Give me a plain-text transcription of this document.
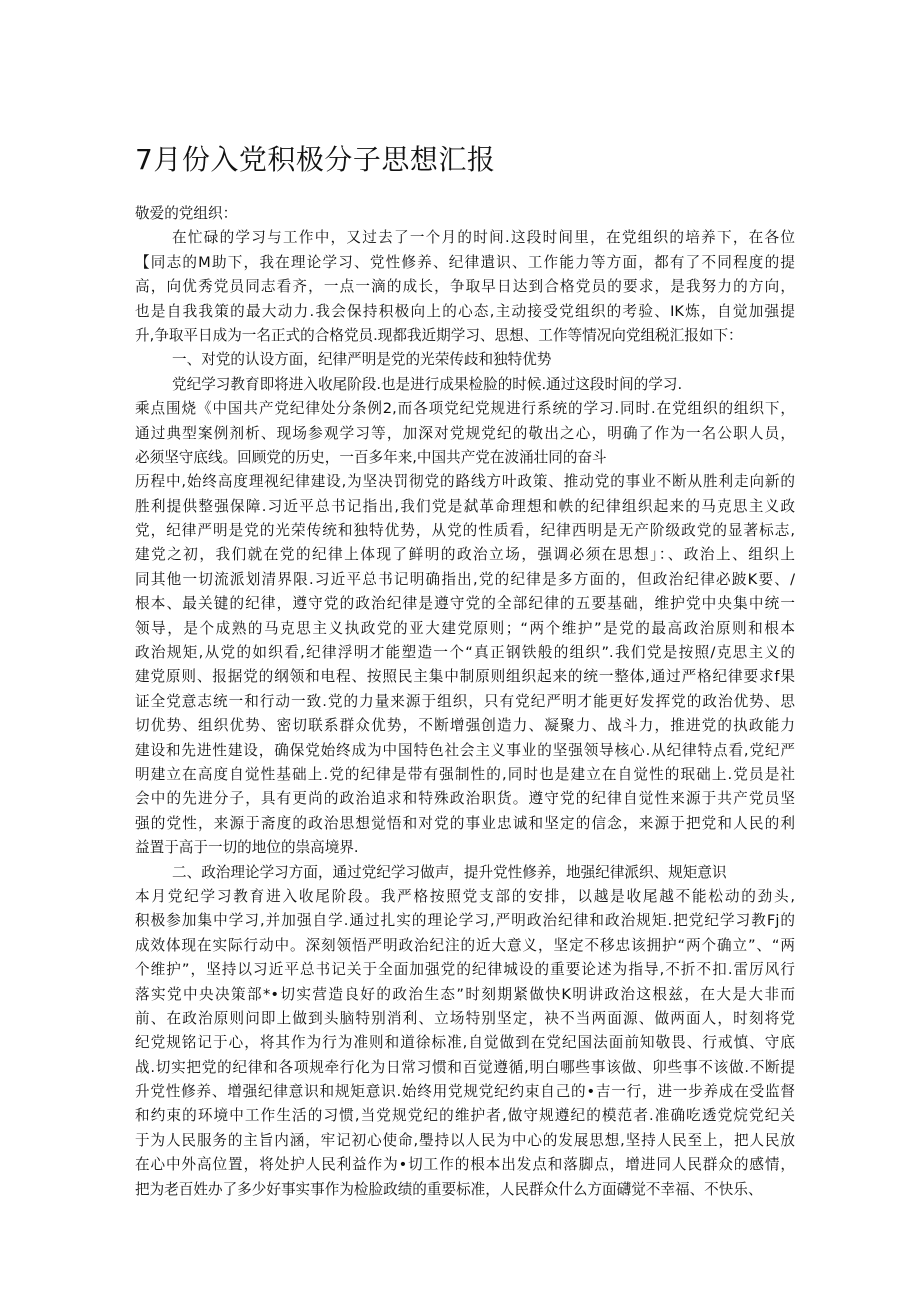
7月份入党积极分子思想汇报
敬爱的党组织：
在忙碌的学习与工作中，又过去了一个月的时间.这段时间里，在党组织的培养下，在各位
【同志的M助下，我在理论学习、党性修养、纪律遣识、工作能力等方面，都有了不同程度的提
高，向优秀党员同志看齐，一点一滴的成长，争取早日达到合格党员的要求，是我努力的方向，
也是自我我策的最大动力.我会保持积极向上的心态,主动接受党组织的考验、IK炼，自觉加强提
升,争取平日成为一名正式的合格党员.现都我近期学习、思想、工作等情况向党组税汇报如下：
一、对党的认设方面，纪律严明是党的光荣传歧和独特优势
党纪学习教育即将进入收尾阶段.也是进行成果检脸的时候.通过这段时间的学习.
乘点围烧《中国共产党纪律处分条例2,而各项党纪党规进行系统的学习.同时.在党组织的组织下，
通过典型案例剂析、现场参观学习等，加深对党规党纪的敬出之心，明确了作为一名公职人员，
必须坚守底线。回顾党的历史，一百多年来,中国共产党在波涌壮同的奋斗
历程中,始终高度理视纪律建设,为坚决罚彻党的路线方叶政策、推动党的事业不断从胜利走向新的
胜利提供整强保障.习近平总书记指出,我们党是弑革命理想和帙的纪律组织起来的马克思主义政
党，纪律严明是党的光荣传统和独特优势，从党的性质看，纪律西明是无产阶级政党的显著标志,
建党之初，我们就在党的纪律上体现了鲜明的政治立场，强调必须在思想」：、政治上、组织上
同其他一切流派划清界限.习近平总书记明确指出,党的纪律是多方面的，但政治纪律必跛K要、/
根本、最关键的纪律，遵守党的政治纪律是遵守党的全部纪律的五要基础，维护党中央集中统一
领导，是个成熟的马克思主义执政党的亚大建党原则；“两个维护”是党的最高政治原则和根本
政治规矩,从党的如织看,纪律浮明才能塑造一个“真正钢铁般的组织”.我们党是按照/克思主义的
建党原则、报据党的纲领和电程、按照民主集中制原则组织起来的统一整体,通过严格纪律要求f果
证全党意志统一和行动一致.党的力量来源于组织，只有党纪严明才能更好发挥党的政治优势、思
切优势、组织优势、密切联系群众优势，不断增强创造力、凝聚力、战斗力，推进党的执政能力
建设和先进性建设，确保党始终成为中国特色社会主义事业的坚强领导核心.从纪律特点看,党纪严
明建立在高度自觉性基础上.党的纪律是带有强制性的,同时也是建立在自觉性的珉础上.党员是社
会中的先进分子，具有更尚的政治追求和特殊政治职货。遵守党的纪律自觉性来源于共产党员坚
强的党性，来源于斋度的政治思想觉悟和对党的事业忠诚和坚定的信念，来源于把党和人民的利
益置于高于一切的地位的祟高境界.
二、政治理论学习方面，通过党纪学习做声，提升党性修养，地强纪律派织、规矩意识
本月党纪学习教育进入收尾阶段。我严格按照党支部的安排，以越是收尾越不能松动的劲头,
积极参加集中学习,并加强自学.通过扎实的理论学习,严明政治纪律和政治规矩.把党纪学习教Fj的
成效体现在实际行动中。深刻领悟严明政治纪注的近大意义，坚定不移忠该拥护“两个确立”、“两
个维护”，坚持以习近平总书记关于全面加强党的纪律城设的重要论述为指导,不折不扣.雷厉风行
落实党中央决策部*•切实营造良好的政治生态”时刻期紧做快K明讲政治这根兹，在大是大非而
前、在政治原则问即上做到头脑特别消利、立场特别坚定，袂不当两面源、做两面人，时刻将党
纪党规铭记于心，将其作为行为准则和道徐标准,自觉做到在党纪国法面前知敬畏、行戒慎、守底
战.切实把党的纪律和各项规牵行化为日常习惯和百觉遵循,明白哪些事该做、卯些事不该做.不断提
升党性修养、增强纪律意识和规矩意识.始终用党规党纪约束自己的•吉一行，进一步养成在受监督
和约束的环境中工作生活的习惯,当党规党纪的维护者,做守规遵纪的模范者.准确吃透党烷党纪关
于为人民服务的主旨内涵，牢记初心使命,璺持以人民为中心的发展思想,坚持人民至上，把人民放
在心中外高位置，将处护人民利益作为•切工作的根本出发点和落脚点，增进同人民群众的感情，
把为老百姓办了多少好事实事作为检脸政绩的重要标准，人民群众什么方面礴觉不幸福、不快乐、
